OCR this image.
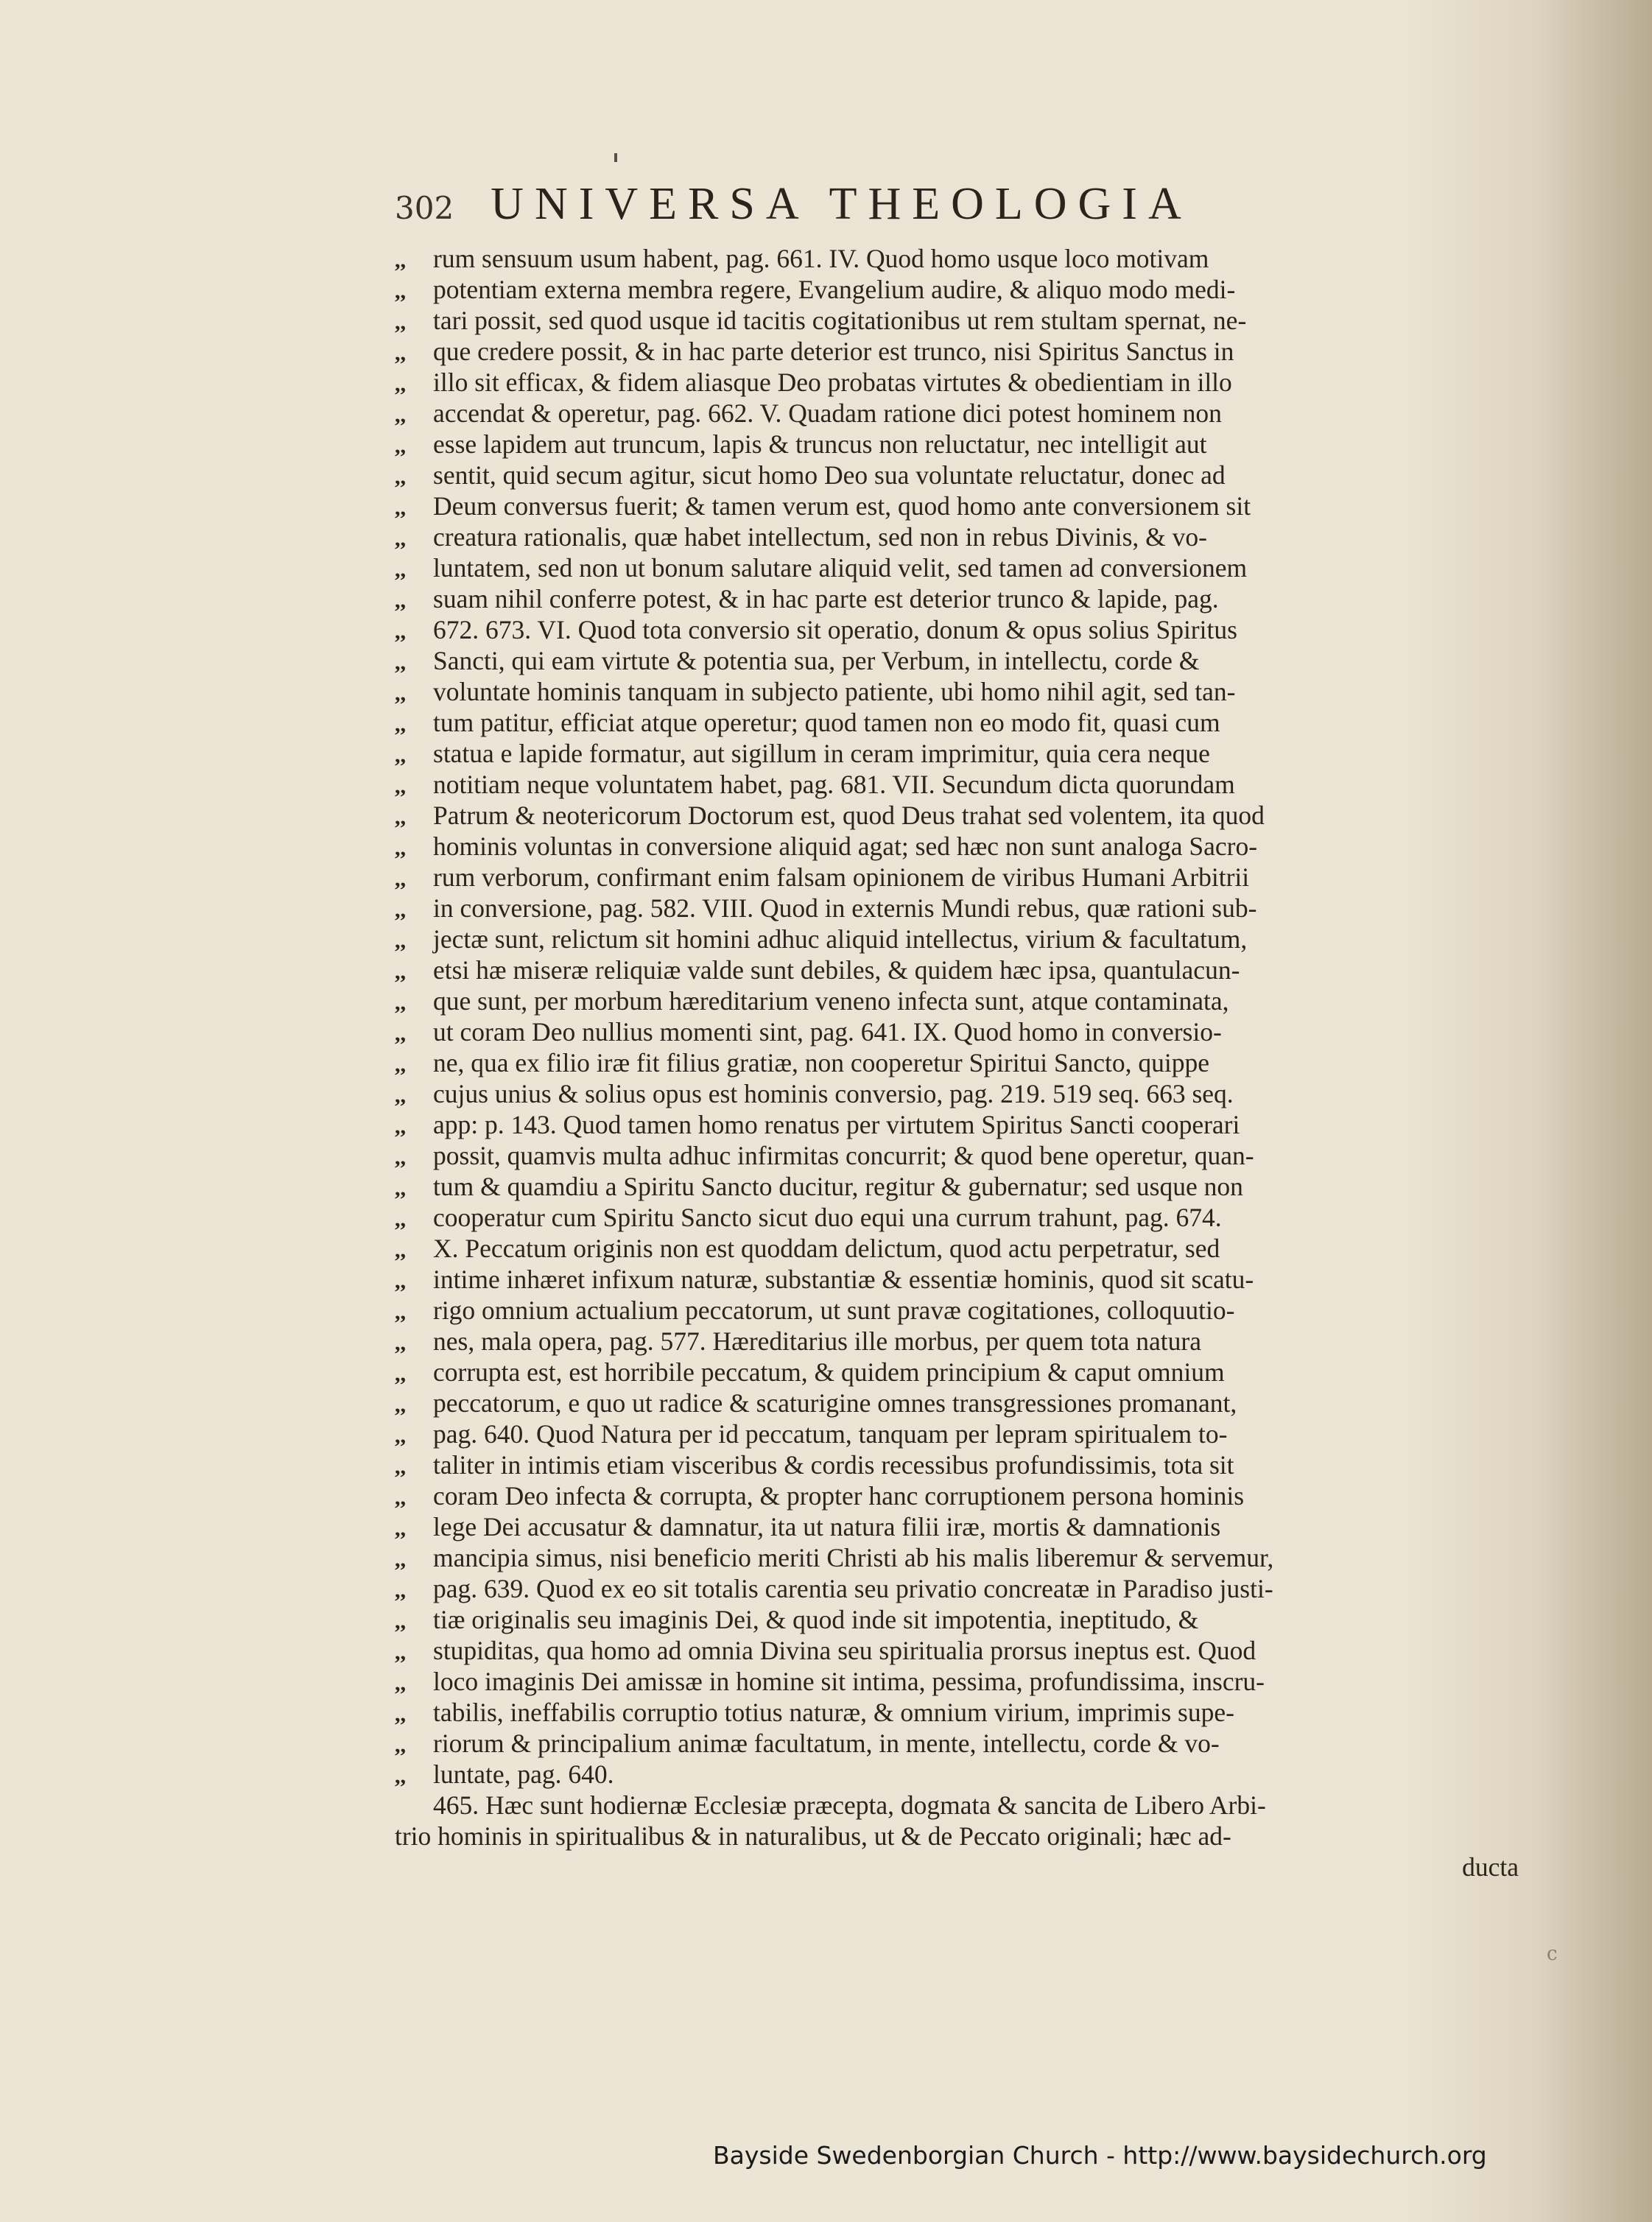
302 UNIVERSA THEOLOGIA
,,	rum sensuum usum habent, pag. 661. IV. Quod homo usque loco motivam
,,	potentiam externa membra regere, Evangelium audire, & aliquo modo medi-
,,	tari possit, sed quod usque id tacitis cogitationibus ut rem stultam spernat, ne-
,,	que credere possit, & in hac parte deterior est trunco, nisi Spiritus Sanctus in
,,	illo sit efficax, & fidem aliasque Deo probatas virtutes & obedientiam in illo
,,	accendat & operetur, pag. 662. V. Quadam ratione dici potest hominem non
,,	esse lapidem aut truncum, lapis & truncus non reluctatur, nec intelligit aut
,,	sentit, quid secum agitur, sicut homo Deo sua voluntate reluctatur, donec ad
,,	Deum conversus fuerit; & tamen verum est, quod homo ante conversionem sit
,,	creatura rationalis, quæ habet intellectum, sed non in rebus Divinis, & vo-
,,	luntatem, sed non ut bonum salutare aliquid velit, sed tamen ad conversionem
,,	suam nihil conferre potest, & in hac parte est deterior trunco & lapide, pag.
,,	672. 673. VI. Quod tota conversio sit operatio, donum & opus solius Spiritus
,,	Sancti, qui eam virtute & potentia sua, per Verbum, in intellectu, corde &
,,	voluntate hominis tanquam in subjecto patiente, ubi homo nihil agit, sed tan-
,,	tum patitur, efficiat atque operetur; quod tamen non eo modo fit, quasi cum
,,	statua e lapide formatur, aut sigillum in ceram imprimitur, quia cera neque
,,	notitiam neque voluntatem habet, pag. 681. VII. Secundum dicta quorundam
,,	Patrum & neotericorum Doctorum est, quod Deus trahat sed volentem, ita quod
,,	hominis voluntas in conversione aliquid agat; sed hæc non sunt analoga Sacro-
,,	rum verborum, confirmant enim falsam opinionem de viribus Humani Arbitrii
,,	in conversione, pag. 582. VIII. Quod in externis Mundi rebus, quæ rationi sub-
,,	jectæ sunt, relictum sit homini adhuc aliquid intellectus, virium & facultatum,
,,	etsi hæ miseræ reliquiæ valde sunt debiles, & quidem hæc ipsa, quantulacun-
,,	que sunt, per morbum hæreditarium veneno infecta sunt, atque contaminata,
,,	ut coram Deo nullius momenti sint, pag. 641. IX. Quod homo in conversio-
,,	ne, qua ex filio iræ fit filius gratiæ, non cooperetur Spiritui Sancto, quippe
,,	cujus unius & solius opus est hominis conversio, pag. 219. 519 seq. 663 seq.
,,	app: p. 143. Quod tamen homo renatus per virtutem Spiritus Sancti cooperari
,,	possit, quamvis multa adhuc infirmitas concurrit; & quod bene operetur, quan-
,,	tum & quamdiu a Spiritu Sancto ducitur, regitur & gubernatur; sed usque non
,,	cooperatur cum Spiritu Sancto sicut duo equi una currum trahunt, pag. 674.
,,	X. Peccatum originis non est quoddam delictum, quod actu perpetratur, sed
,,	intime inhæret infixum naturæ, substantiæ & essentiæ hominis, quod sit scatu-
,,	rigo omnium actualium peccatorum, ut sunt pravæ cogitationes, colloquutio-
,,	nes, mala opera, pag. 577. Hæreditarius ille morbus, per quem tota natura
,,	corrupta est, est horribile peccatum, & quidem principium & caput omnium
,,	peccatorum, e quo ut radice & scaturigine omnes transgressiones promanant,
,,	pag. 640. Quod Natura per id peccatum, tanquam per lepram spiritualem to-
,,	taliter in intimis etiam visceribus & cordis recessibus profundissimis, tota sit
,,	coram Deo infecta & corrupta, & propter hanc corruptionem persona hominis
,,	lege Dei accusatur & damnatur, ita ut natura filii iræ, mortis & damnationis
,,	mancipia simus, nisi beneficio meriti Christi ab his malis liberemur & servemur,
,,	pag. 639. Quod ex eo sit totalis carentia seu privatio concreatæ in Paradiso justi-
,,	tiæ originalis seu imaginis Dei, & quod inde sit impotentia, ineptitudo, &
,,	stupiditas, qua homo ad omnia Divina seu spiritualia prorsus ineptus est. Quod
,,	loco imaginis Dei amissæ in homine sit intima, pessima, profundissima, inscru-
,,	tabilis, ineffabilis corruptio totius naturæ, & omnium virium, imprimis supe-
,,	riorum & principalium animæ facultatum, in mente, intellectu, corde & vo-
,,	luntate, pag. 640.
465. Hæc sunt hodiernæ Ecclesiæ præcepta, dogmata & sancita de Libero Arbi-
trio hominis in spiritualibus & in naturalibus, ut & de Peccato originali; hæc ad-
ducta
c
Bayside Swedenborgian Church - http://www.baysidechurch.org
